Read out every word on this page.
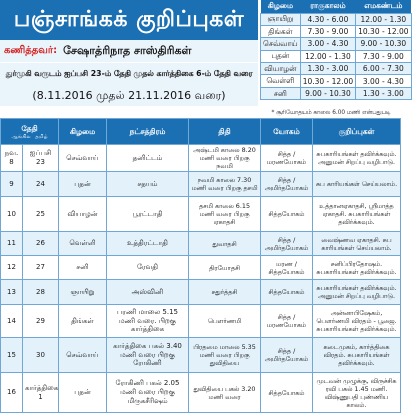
பஞ்சாங்கக் குறிப்புகள்
கணித்தவர்: சேஷாத்ரிநாத சாஸ்திரிகள்
துர்முகி வருடம் ஐப்பசி 23-ம் தேதி முதல் கார்த்திகை 6-ம் தேதி வரை
(8.11.2016 முதல் 21.11.2016 வரை)
கிழமை	ராகுகாலம்	எமகண்டம்
ஞாயிறு	4.30 - 6.00	12.00 - 1.30
திங்கள்	7.30 - 9.00	10.30 - 12.00
செவ்வாய்	3.00 - 4.30	9.00 - 10.30
புதன்	12.00 - 1.30	7.30 - 9.00
வியாழன்	1.30 - 3.00	6.00 - 7.30
வெள்ளி	10.30 - 12.00	3.00 - 4.30
சனி	9.00 - 10.30	1.30 - 3.00
* சூரியோதயம் காலை 6.00 மணி என்பதுபடி
தேதி
ஆங்கில தமிழ்		கிழமை	நட்சத்திரம்	திதி	யோகம்	குறிப்புகள்
நவ.
8	ஐப்பசி 23	செவ்வாய்	தனிட்டம்	அஷ்டமி காலை 8.20 மணி வரை பிறகு நவமி	சித்த / மரணயோகம்	சுபகாரியங்கள் தவிர்க்கவும். அனுமன் சிறப்பு வழிபாடு.
9	24	புதன்	சதயம்	நவமி காலை 7.30 மணி வரை பிறகு தசமி	சித்த / அமிர்தயோகம்	சுப காரியங்கள் செய்யலாம்.
10	25	வியாழன்	பூரட்டாதி	தசமி காலை 6.15 மணி வரை பிறகு ஏகாதசி	சித்தயோகம்	உத்தானஏகாதசி, ஸ்ரீமாத்த ஏகாதசி. சுபகாரியங்கள் தவிர்க்கவும்.
11	26	வெள்ளி	உத்திரட்டாதி	துவாதசி	சித்த / அமிர்தயோகம்	வைஷ்ணவ ஏகாதசி. சுப காரியங்கள் செய்யலாம்.
12	27	சனி	ரேவதி	திரயோதசி	மரண / சித்தயோகம்	சனிப்பிரதோஷம். சுபகாரியங்கள் தவிர்க்கவும்.
13	28	ஞாயிறு	அஸ்வினி	சதுர்த்தசி	சித்தயோகம்	சுபகாரியங்கள் தவிர்க்கவும். அனுமன் சிறப்பு வழிபாடு.
14	29	திங்கள்	பரணி மாலை 5.15 மணி வரை. பிறகு கார்த்திகை	பௌர்ணமி	சித்த / மரணயோகம்	அன்னாபிஷேகம், பௌர்ணமி விரதம் - பூஜை. சுபகாரியங்கள் தவிர்க்கவும்.
15	30	செவ்வாய்	கார்த்திகை பகல் 3.40 மணி வரை பிறகு ரோகிணி	பிரதமை மாலை 5.35 மணி வரை பிறகு துவிதியை	சித்த / அமிர்தயோகம்	கடைமுகம், கார்த்திகை விரதம். சுபகாரியங்கள் தவிர்க்கவும்.
16	கார்த்திகை 1	புதன்	ரோகிணி பகல் 2.05 மணி வரை பிறகு மிருகசீரிஷம்	துவிதியை பகல் 3.20 மணி வரை	சித்தயோகம்	முடவன் முழுக்கு, விருச்சிக ரவி பகல் 1.45 மணி. விஷ்ணுபதி புண்ணிய காலம்.
